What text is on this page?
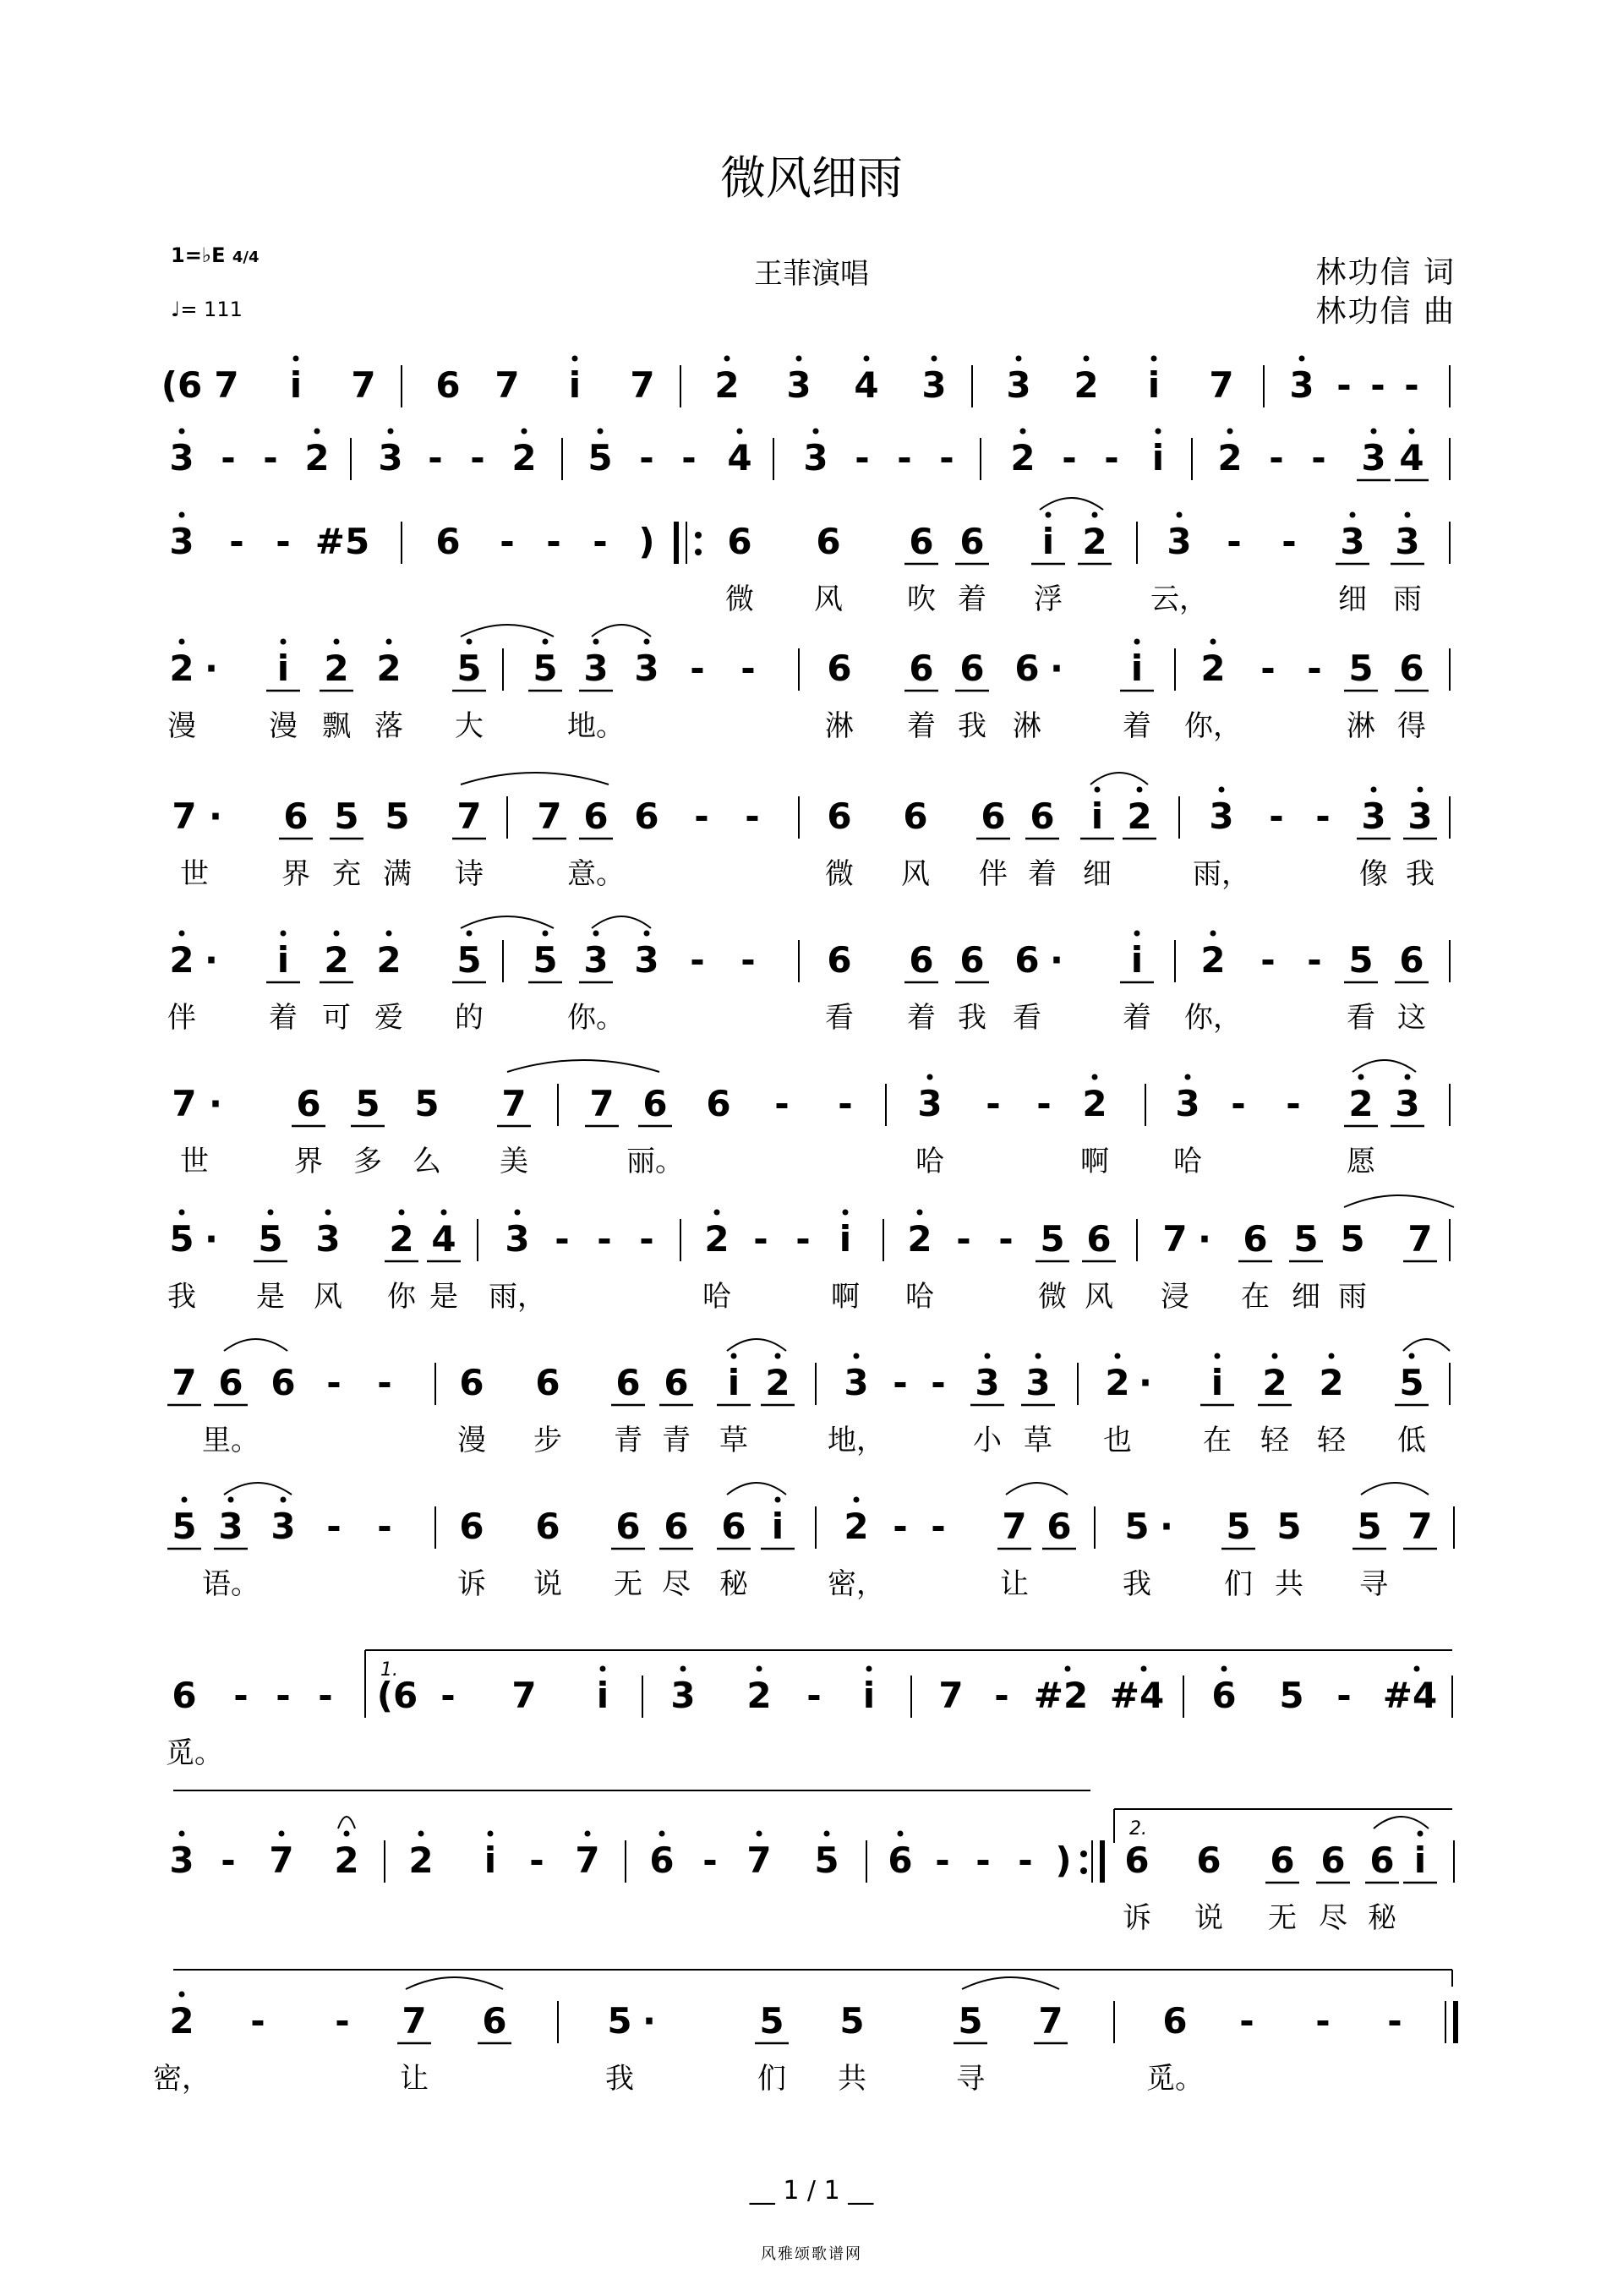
微风细雨
1=♭E 4/4
♩= 111
王菲演唱	林功信 词
林功信 曲
(6 7 i 7 6 7 i 7 2 3 4 3 3 2 i 7 3 - - -
3 - - 2 3 - - 2 5 - - 4 3 - - - 2 - - i 2 - - 3 4
3 - - #5 6 - - - ) 6 6 6 6 i 2 3 - - 3 3
微 风 吹 着 浮	云，	细 雨
2 · i 2 2 5 5 3 3 - - 6 6 6 6 · i 2 - - 5 6
漫	漫 飘 落 大	地。	淋 着 我 淋	着 你，	淋 得
7 · 6 5 5 7 7 6 6 - - 6 6 6 6 i 2 3 - - 3 3
世	界 充 满 诗	意。	微 风 伴 着 细	雨，	像 我
2 · i 2 2 5 5 3 3 - - 6 6 6 6 · i 2 - - 5 6
伴	着 可 爱 的	你。	看 着 我 看	着 你，	看 这
7 · 6 5 5 7 7 6 6 - - 3 - - 2 3 - - 2 3
世	界 多 么 美	丽。	哈	啊 哈	愿
5 · 5 3 2 4 3 - - - 2 - - i 2 - - 5 6 7 · 6 5 5 7
我 是 风 你 是 雨，	哈	啊 哈	微 风 浸 在 细 雨
7 6 6 - - 6 6 6 6 i 2 3 - - 3 3 2 · i 2 2 5
里。	漫 步 青 青 草	地，	小 草 也 在 轻 轻 低
5 3 3 - - 6 6 6 6 6 i 2 - - 7 6 5 · 5 5 5 7
语。	诉 说 无 尽 秘	密，	让	我	们 共 寻
6 - - - (6 - 7 i 3 2 - i 7 - #2 #4 6 5 - #4
觅。
1.
3 - 7 2 2 i - 7 6 - 7 5 6 - - - ) 6 6 6 6 6 i
诉 说 无 尽 秘
2.
2 - - 7 6	5 ·	5 5	5 7	6 - - -
密，	让	我	们 共	寻	觅。
__ 1 / 1 __
风雅颂歌谱网
